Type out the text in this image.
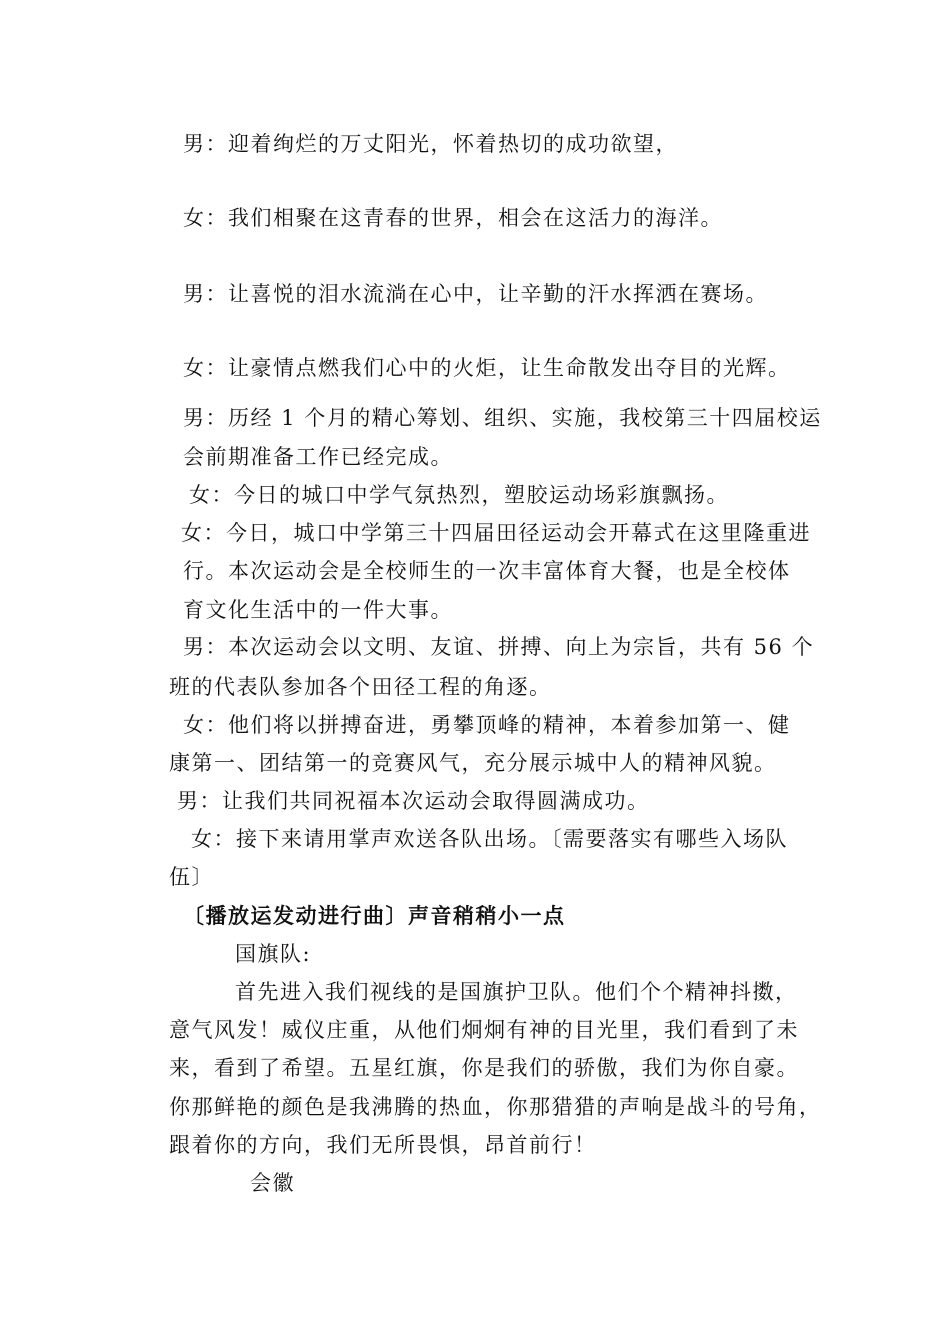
男：迎着绚烂的万丈阳光，怀着热切的成功欲望，
女：我们相聚在这青春的世界，相会在这活力的海洋。
男：让喜悦的泪水流淌在心中，让辛勤的汗水挥洒在赛场。
女：让豪情点燃我们心中的火炬，让生命散发出夺目的光辉。
男：历经 1 个月的精心筹划、组织、实施，我校第三十四届校运
会前期准备工作已经完成。
女：今日的城口中学气氛热烈，塑胶运动场彩旗飘扬。
女：今日，城口中学第三十四届田径运动会开幕式在这里隆重进
行。本次运动会是全校师生的一次丰富体育大餐，也是全校体
育文化生活中的一件大事。
男：本次运动会以文明、友谊、拼搏、向上为宗旨，共有 56 个
班的代表队参加各个田径工程的角逐。
女：他们将以拼搏奋进，勇攀顶峰的精神，本着参加第一、健
康第一、团结第一的竞赛风气，充分展示城中人的精神风貌。
男：让我们共同祝福本次运动会取得圆满成功。
女：接下来请用掌声欢送各队出场。〔需要落实有哪些入场队
伍〕
〔播放运发动进行曲〕声音稍稍小一点
国旗队:
首先进入我们视线的是国旗护卫队。他们个个精神抖擞，
意气风发！威仪庄重，从他们炯炯有神的目光里，我们看到了未
来，看到了希望。五星红旗，你是我们的骄傲，我们为你自豪。
你那鲜艳的颜色是我沸腾的热血，你那猎猎的声响是战斗的号角，
跟着你的方向，我们无所畏惧，昂首前行！
会徽
